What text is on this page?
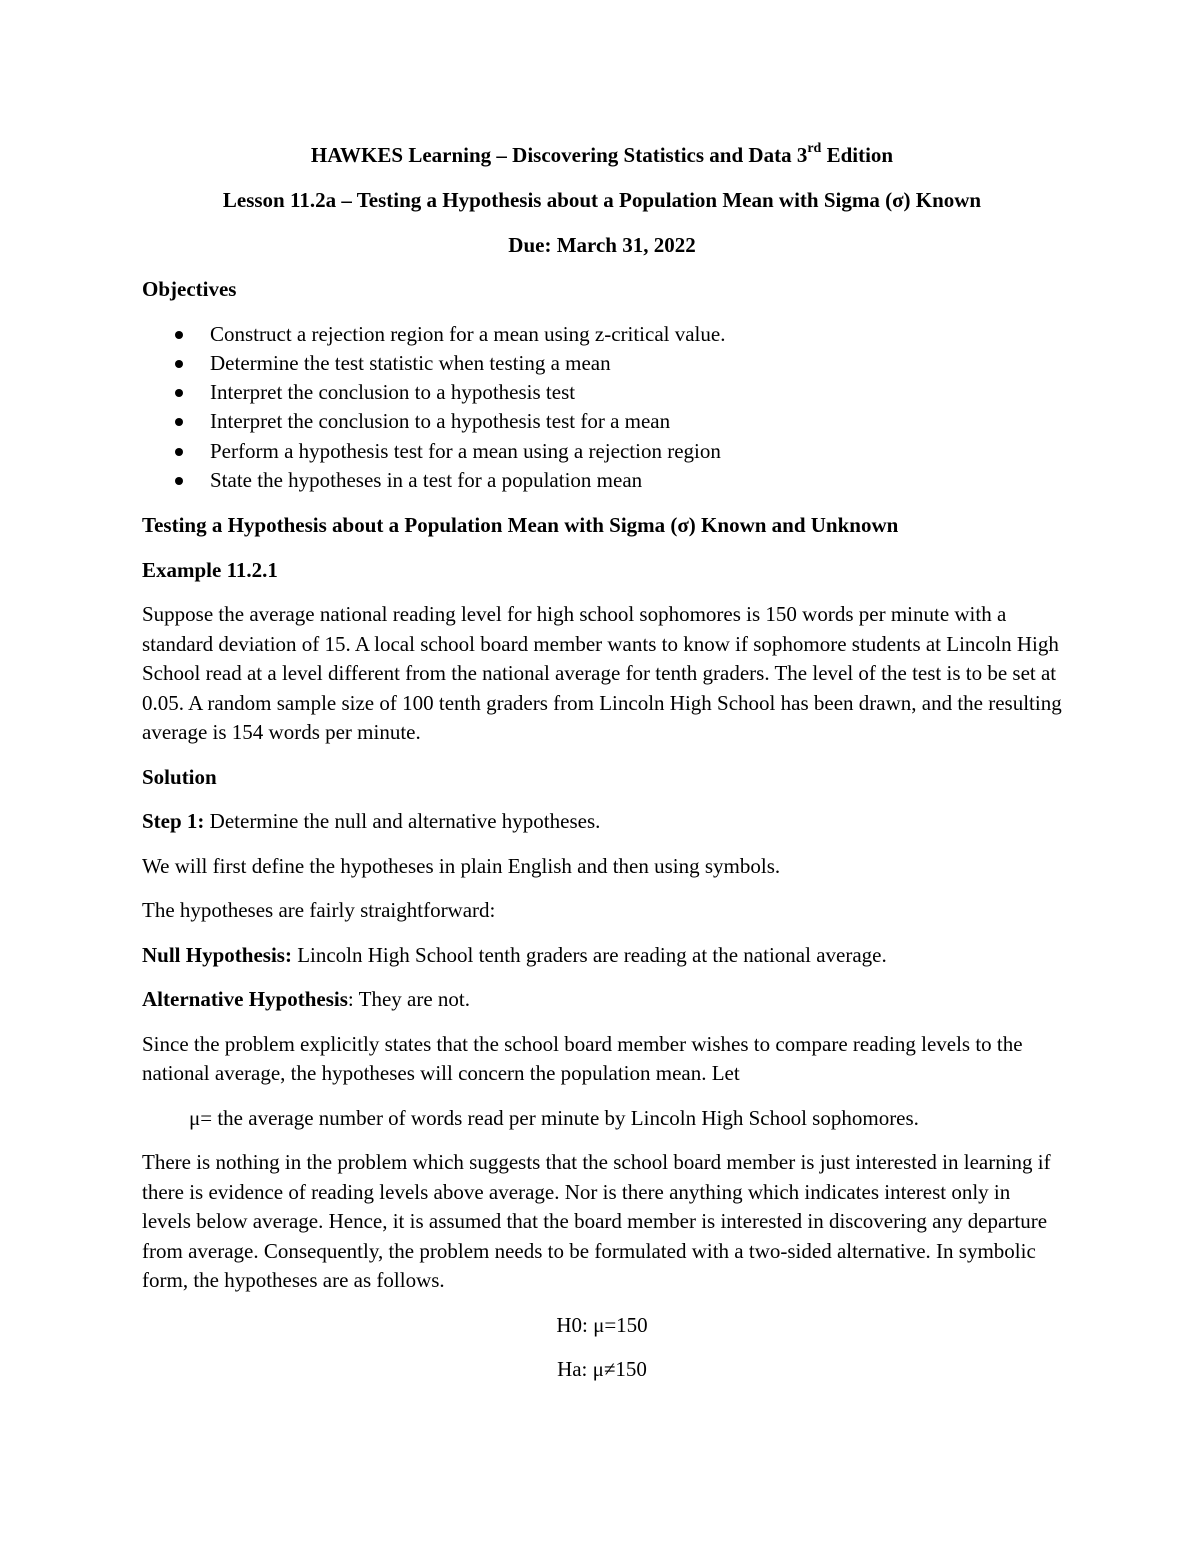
HAWKES Learning – Discovering Statistics and Data 3rd Edition

Lesson 11.2a – Testing a Hypothesis about a Population Mean with Sigma (σ) Known

Due: March 31, 2022

Objectives

Construct a rejection region for a mean using z-critical value.
Determine the test statistic when testing a mean
Interpret the conclusion to a hypothesis test
Interpret the conclusion to a hypothesis test for a mean
Perform a hypothesis test for a mean using a rejection region
State the hypotheses in a test for a population mean

Testing a Hypothesis about a Population Mean with Sigma (σ) Known and Unknown

Example 11.2.1

Suppose the average national reading level for high school sophomores is 150 words per minute with a standard deviation of 15. A local school board member wants to know if sophomore students at Lincoln High School read at a level different from the national average for tenth graders. The level of the test is to be set at 0.05. A random sample size of 100 tenth graders from Lincoln High School has been drawn, and the resulting average is 154 words per minute.

Solution

Step 1: Determine the null and alternative hypotheses.

We will first define the hypotheses in plain English and then using symbols.

The hypotheses are fairly straightforward:

Null Hypothesis: Lincoln High School tenth graders are reading at the national average.

Alternative Hypothesis: They are not.

Since the problem explicitly states that the school board member wishes to compare reading levels to the national average, the hypotheses will concern the population mean. Let

μ= the average number of words read per minute by Lincoln High School sophomores.

There is nothing in the problem which suggests that the school board member is just interested in learning if there is evidence of reading levels above average. Nor is there anything which indicates interest only in levels below average. Hence, it is assumed that the board member is interested in discovering any departure from average. Consequently, the problem needs to be formulated with a two-sided alternative. In symbolic form, the hypotheses are as follows.

H0: μ=150

Ha: μ≠150
